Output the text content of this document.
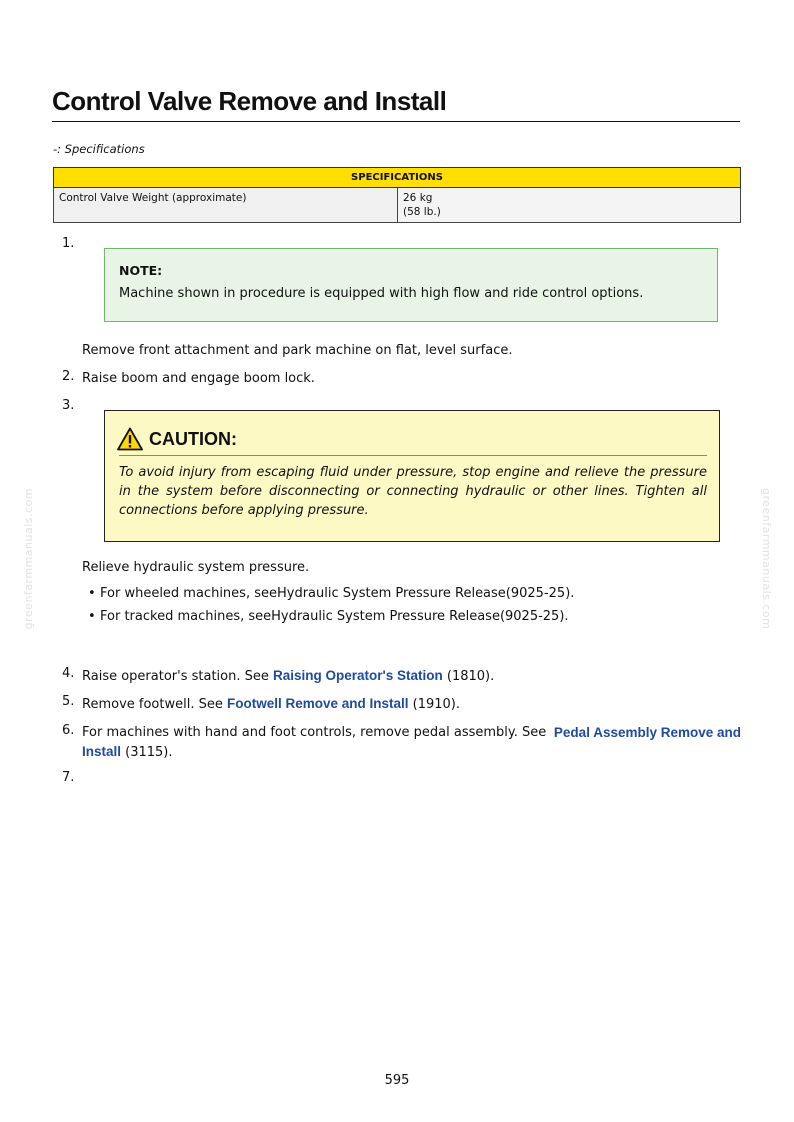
Control Valve Remove and Install
-: Specifications
SPECIFICATIONS
Control Valve Weight (approximate)	26 kg
(58 lb.)
1.
NOTE:
Machine shown in procedure is equipped with high flow and ride control options.
Remove front attachment and park machine on flat, level surface.
2. Raise boom and engage boom lock.
3.
CAUTION:
To avoid injury from escaping fluid under pressure, stop engine and relieve the pressure in the system before disconnecting or connecting hydraulic or other lines. Tighten all connections before applying pressure.
Relieve hydraulic system pressure.
• For wheeled machines, seeHydraulic System Pressure Release(9025-25).
• For tracked machines, seeHydraulic System Pressure Release(9025-25).
4. Raise operator's station. See Raising Operator's Station (1810).
5. Remove footwell. See Footwell Remove and Install (1910).
6. For machines with hand and foot controls, remove pedal assembly. See Pedal Assembly Remove and
Install (3115).
7.
greenfarmmanuals.com	greenfarmmanuals.com
595
